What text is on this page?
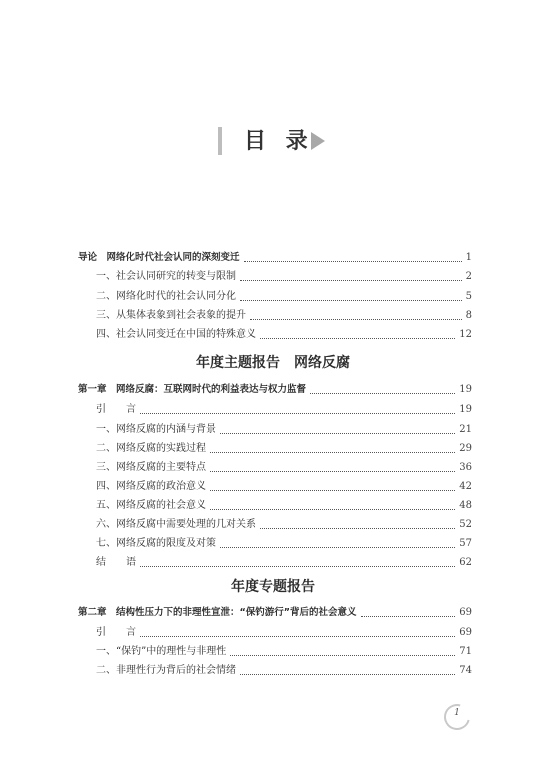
目 录
导论　网络化时代社会认同的深刻变迁	1
一、社会认同研究的转变与限制	2
二、网络化时代的社会认同分化	5
三、从集体表象到社会表象的提升	8
四、社会认同变迁在中国的特殊意义	12
年度主题报告　网络反腐
第一章　网络反腐：互联网时代的利益表达与权力监督	19
引　　言	19
一、网络反腐的内涵与背景	21
二、网络反腐的实践过程	29
三、网络反腐的主要特点	36
四、网络反腐的政治意义	42
五、网络反腐的社会意义	48
六、网络反腐中需要处理的几对关系	52
七、网络反腐的限度及对策	57
结　　语	62
年度专题报告
第二章　结构性压力下的非理性宣泄：“保钓游行”背后的社会意义	69
引　　言	69
一、“保钓”中的理性与非理性	71
二、非理性行为背后的社会情绪	74
1
